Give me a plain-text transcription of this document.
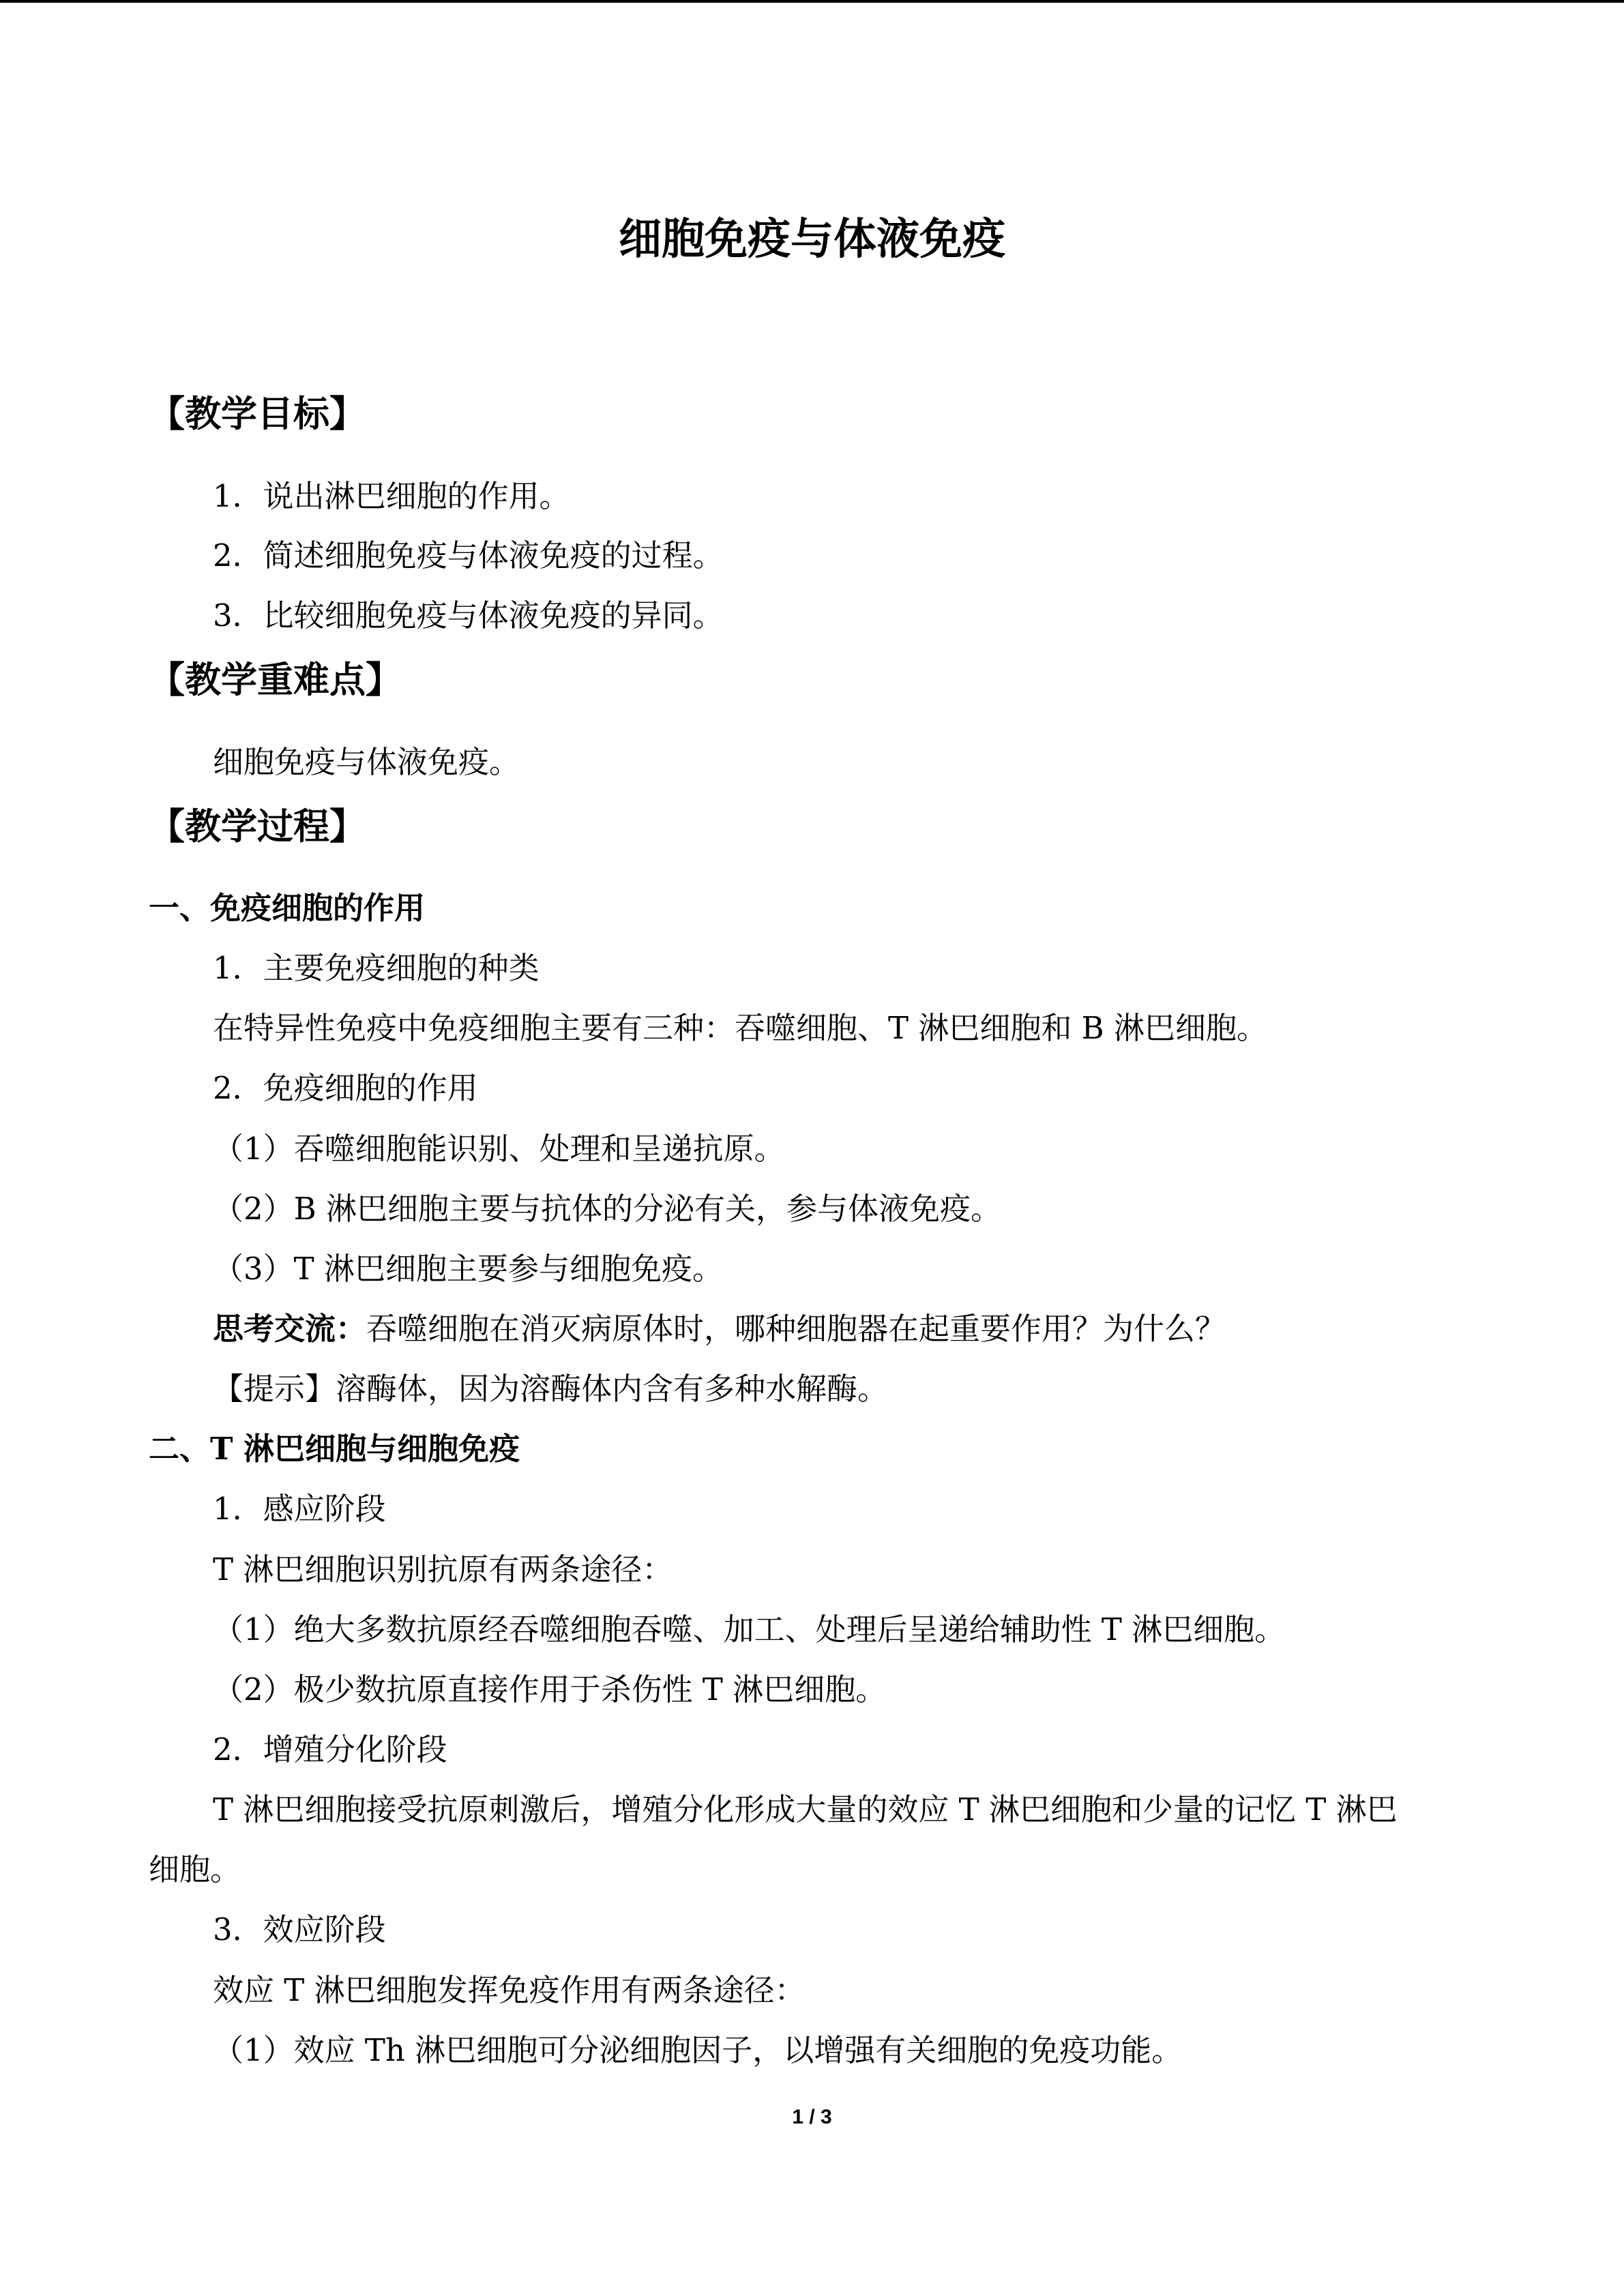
细胞免疫与体液免疫
【教学目标】
1．说出淋巴细胞的作用。
2．简述细胞免疫与体液免疫的过程。
3．比较细胞免疫与体液免疫的异同。
【教学重难点】
细胞免疫与体液免疫。
【教学过程】
一、免疫细胞的作用
1．主要免疫细胞的种类
在特异性免疫中免疫细胞主要有三种：吞噬细胞、T 淋巴细胞和 B 淋巴细胞。
2．免疫细胞的作用
（1）吞噬细胞能识别、处理和呈递抗原。
（2）B 淋巴细胞主要与抗体的分泌有关，参与体液免疫。
（3）T 淋巴细胞主要参与细胞免疫。
思考交流：吞噬细胞在消灭病原体时，哪种细胞器在起重要作用？为什么？
【提示】溶酶体，因为溶酶体内含有多种水解酶。
二、T 淋巴细胞与细胞免疫
1．感应阶段
T 淋巴细胞识别抗原有两条途径：
（1）绝大多数抗原经吞噬细胞吞噬、加工、处理后呈递给辅助性 T 淋巴细胞。
（2）极少数抗原直接作用于杀伤性 T 淋巴细胞。
2．增殖分化阶段
T 淋巴细胞接受抗原刺激后，增殖分化形成大量的效应 T 淋巴细胞和少量的记忆 T 淋巴
细胞。
3．效应阶段
效应 T 淋巴细胞发挥免疫作用有两条途径：
（1）效应 Th 淋巴细胞可分泌细胞因子，以增强有关细胞的免疫功能。
1 / 3
